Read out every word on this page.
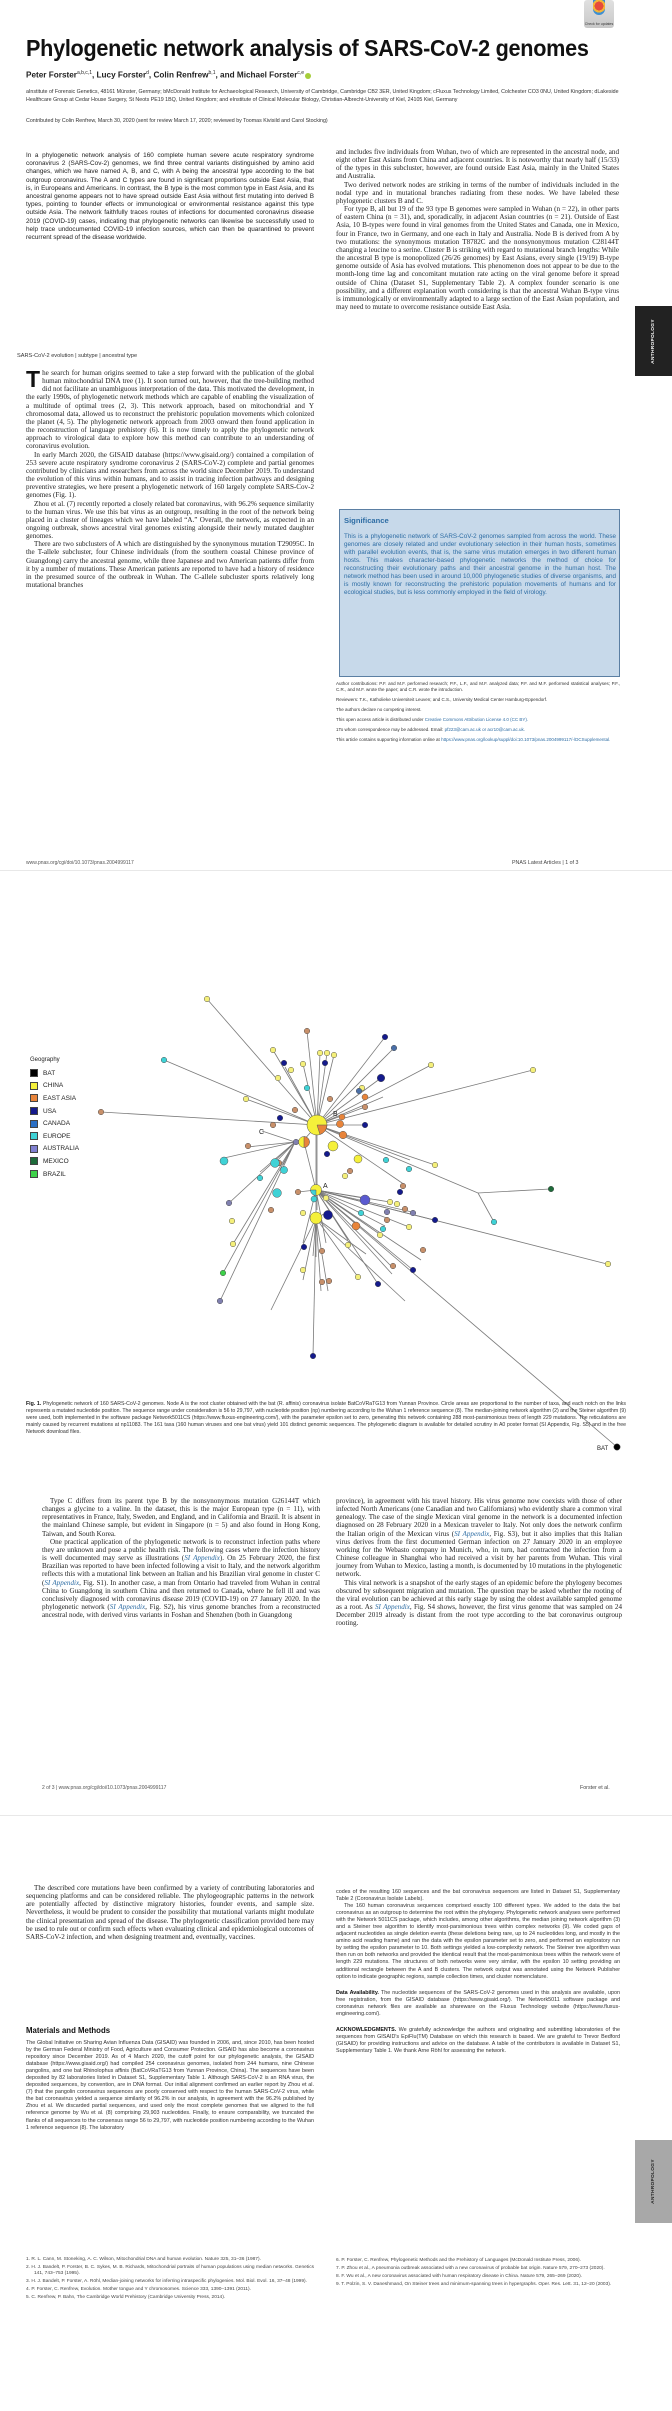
Check for updates
Phylogenetic network analysis of SARS-CoV-2 genomes
Peter Forster$^{a,b,c,1}$, Lucy Forster$^d$, Colin Renfrew$^{b,1}$, and Michael Forster$^{c,e}$
aInstitute of Forensic Genetics, 48161 Münster, Germany; bMcDonald Institute for Archaeological Research, University of Cambridge, Cambridge CB2 3ER, United Kingdom; cFluxus Technology Limited, Colchester CO3 0NU, United Kingdom; dLakeside Healthcare Group at Cedar House Surgery, St Neots PE19 1BQ, United Kingdom; and eInstitute of Clinical Molecular Biology, Christian-Albrecht-University of Kiel, 24105 Kiel, Germany
Contributed by Colin Renfrew, March 30, 2020 (sent for review March 17, 2020; reviewed by Toomas Kivisild and Carol Stocking)
In a phylogenetic network analysis of 160 complete human severe acute respiratory syndrome coronavirus 2 (SARS-Cov-2) genomes, we find three central variants distinguished by amino acid changes, which we have named A, B, and C, with A being the ancestral type according to the bat outgroup coronavirus. The A and C types are found in significant proportions outside East Asia, that is, in Europeans and Americans. In contrast, the B type is the most common type in East Asia, and its ancestral genome appears not to have spread outside East Asia without first mutating into derived B types, pointing to founder effects or immunological or environmental resistance against this type outside Asia. The network faithfully traces routes of infections for documented coronavirus disease 2019 (COVID-19) cases, indicating that phylogenetic networks can likewise be successfully used to help trace undocumented COVID-19 infection sources, which can then be quarantined to prevent recurrent spread of the disease worldwide.
SARS-CoV-2 evolution | subtype | ancestral type

The search for human origins seemed to take a step forward with the publication of the global human mitochondrial DNA tree (1). It soon turned out, however, that the tree-building method did not facilitate an unambiguous interpretation of the data. This motivated the development, in the early 1990s, of phylogenetic network methods which are capable of enabling the visualization of a multitude of optimal trees (2, 3). This network approach, based on mitochondrial and Y chromosomal data, allowed us to reconstruct the prehistoric population movements which colonized the planet (4, 5). The phylogenetic network approach from 2003 onward then found application in the reconstruction of language prehistory (6). It is now timely to apply the phylogenetic network approach to virological data to explore how this method can contribute to an understanding of coronavirus evolution.

In early March 2020, the GISAID database (https://www.gisaid.org/) contained a compilation of 253 severe acute respiratory syndrome coronavirus 2 (SARS-CoV-2) complete and partial genomes contributed by clinicians and researchers from across the world since December 2019. To understand the evolution of this virus within humans, and to assist in tracing infection pathways and designing preventive strategies, we here present a phylogenetic network of 160 largely complete SARS-Cov-2 genomes (Fig. 1).

Zhou et al. (7) recently reported a closely related bat coronavirus, with 96.2% sequence similarity to the human virus. We use this bat virus as an outgroup, resulting in the root of the network being placed in a cluster of lineages which we have labeled “A.” Overall, the network, as expected in an ongoing outbreak, shows ancestral viral genomes existing alongside their newly mutated daughter genomes.

There are two subclusters of A which are distinguished by the synonymous mutation T29095C. In the T-allele subcluster, four Chinese individuals (from the southern coastal Chinese province of Guangdong) carry the ancestral genome, while three Japanese and two American patients differ from it by a number of mutations. These American patients are reported to have had a history of residence in the presumed source of the outbreak in Wuhan. The C-allele subcluster sports relatively long mutational branches

and includes five individuals from Wuhan, two of which are represented in the ancestral node, and eight other East Asians from China and adjacent countries. It is noteworthy that nearly half (15/33) of the types in this subcluster, however, are found outside East Asia, mainly in the United States and Australia.

Two derived network nodes are striking in terms of the number of individuals included in the nodal type and in mutational branches radiating from these nodes. We have labeled these phylogenetic clusters B and C.

For type B, all but 19 of the 93 type B genomes were sampled in Wuhan (n = 22), in other parts of eastern China (n = 31), and, sporadically, in adjacent Asian countries (n = 21). Outside of East Asia, 10 B-types were found in viral genomes from the United States and Canada, one in Mexico, four in France, two in Germany, and one each in Italy and Australia. Node B is derived from A by two mutations: the synonymous mutation T8782C and the nonsynonymous mutation C28144T changing a leucine to a serine. Cluster B is striking with regard to mutational branch lengths: While the ancestral B type is monopolized (26/26 genomes) by East Asians, every single (19/19) B-type genome outside of Asia has evolved mutations. This phenomenon does not appear to be due to the month-long time lag and concomitant mutation rate acting on the viral genome before it spread outside of China (Dataset S1, Supplementary Table 2). A complex founder scenario is one possibility, and a different explanation worth considering is that the ancestral Wuhan B-type virus is immunologically or environmentally adapted to a large section of the East Asian population, and may need to mutate to overcome resistance outside East Asia.

Significance
This is a phylogenetic network of SARS-CoV-2 genomes sampled from across the world. These genomes are closely related and under evolutionary selection in their human hosts, sometimes with parallel evolution events, that is, the same virus mutation emerges in two different human hosts. This makes character-based phylogenetic networks the method of choice for reconstructing their evolutionary paths and their ancestral genome in the human host. The network method has been used in around 10,000 phylogenetic studies of diverse organisms, and is mostly known for reconstructing the prehistoric population movements of humans and for ecological studies, but is less commonly employed in the field of virology.

Author contributions: P.F. and M.F. performed research; P.F., L.F., and M.F. analyzed data; P.F. and M.F. performed statistical analyses; P.F., C.R., and M.F. wrote the paper; and C.R. wrote the introduction.

Reviewers: T.K., Katholieke Universiteit Leuven; and C.S., University Medical Center Hamburg-Eppendorf.

The authors declare no competing interest.

This open access article is distributed under Creative Commons Attribution License 4.0 (CC BY).

1To whom correspondence may be addressed. Email: pf223@cam.ac.uk or acr10@cam.ac.uk.

This article contains supporting information online at https://www.pnas.org/lookup/suppl/doi:10.1073/pnas.2004999117/-/DCSupplemental.

www.pnas.org/cgi/doi/10.1073/pnas.2004999117	PNAS Latest Articles | 1 of 3
ANTHROPOLOGY
B
C
A
BAT
Geography
BAT
CHINA
EAST ASIA
USA
CANADA
EUROPE
AUSTRALIA
MEXICO
BRAZIL
Fig. 1. Phylogenetic network of 160 SARS-CoV-2 genomes. Node A is the root cluster obtained with the bat (R. affinis) coronavirus isolate BatCoVRaTG13 from Yunnan Province. Circle areas are proportional to the number of taxa, and each notch on the links represents a mutated nucleotide position. The sequence range under consideration is 56 to 29,797, with nucleotide position (np) numbering according to the Wuhan 1 reference sequence (8). The median-joining network algorithm (2) and the Steiner algorithm (9) were used, both implemented in the software package Network5011CS (https://www.fluxus-engineering.com/), with the parameter epsilon set to zero, generating this network containing 288 most-parsimonious trees of length 229 mutations. The reticulations are mainly caused by recurrent mutations at np11083. The 161 taxa (160 human viruses and one bat virus) yield 101 distinct genomic sequences. The phylogenetic diagram is available for detailed scrutiny in A0 poster format (SI Appendix, Fig. S5) and in the free Network download files.

Type C differs from its parent type B by the nonsynonymous mutation G26144T which changes a glycine to a valine. In the dataset, this is the major European type (n = 11), with representatives in France, Italy, Sweden, and England, and in California and Brazil. It is absent in the mainland Chinese sample, but evident in Singapore (n = 5) and also found in Hong Kong, Taiwan, and South Korea.

One practical application of the phylogenetic network is to reconstruct infection paths where they are unknown and pose a public health risk. The following cases where the infection history is well documented may serve as illustrations (SI Appendix). On 25 February 2020, the first Brazilian was reported to have been infected following a visit to Italy, and the network algorithm reflects this with a mutational link between an Italian and his Brazilian viral genome in cluster C (SI Appendix, Fig. S1). In another case, a man from Ontario had traveled from Wuhan in central China to Guangdong in southern China and then returned to Canada, where he fell ill and was conclusively diagnosed with coronavirus disease 2019 (COVID-19) on 27 January 2020. In the phylogenetic network (SI Appendix, Fig. S2), his virus genome branches from a reconstructed ancestral node, with derived virus variants in Foshan and Shenzhen (both in Guangdong

province), in agreement with his travel history. His virus genome now coexists with those of other infected North Americans (one Canadian and two Californians) who evidently share a common viral genealogy. The case of the single Mexican viral genome in the network is a documented infection diagnosed on 28 February 2020 in a Mexican traveler to Italy. Not only does the network confirm the Italian origin of the Mexican virus (SI Appendix, Fig. S3), but it also implies that this Italian virus derives from the first documented German infection on 27 January 2020 in an employee working for the Webasto company in Munich, who, in turn, had contracted the infection from a Chinese colleague in Shanghai who had received a visit by her parents from Wuhan. This viral journey from Wuhan to Mexico, lasting a month, is documented by 10 mutations in the phylogenetic network.

This viral network is a snapshot of the early stages of an epidemic before the phylogeny becomes obscured by subsequent migration and mutation. The question may be asked whether the rooting of the viral evolution can be achieved at this early stage by using the oldest available sampled genome as a root. As SI Appendix, Fig. S4 shows, however, the first virus genome that was sampled on 24 December 2019 already is distant from the root type according to the bat coronavirus outgroup rooting.

2 of 3 | www.pnas.org/cgi/doi/10.1073/pnas.2004999117	Forster et al.

The described core mutations have been confirmed by a variety of contributing laboratories and sequencing platforms and can be considered reliable. The phylogeographic patterns in the network are potentially affected by distinctive migratory histories, founder events, and sample size. Nevertheless, it would be prudent to consider the possibility that mutational variants might modulate the clinical presentation and spread of the disease. The phylogenetic classification provided here may be used to rule out or confirm such effects when evaluating clinical and epidemiological outcomes of SARS-CoV-2 infection, and when designing treatment and, eventually, vaccines.

Materials and Methods

The Global Initiative on Sharing Avian Influenza Data (GISAID) was founded in 2006, and, since 2010, has been hosted by the German Federal Ministry of Food, Agriculture and Consumer Protection. GISAID has also become a coronavirus repository since December 2019. As of 4 March 2020, the cutoff point for our phylogenetic analysis, the GISAID database (https://www.gisaid.org/) had compiled 254 coronavirus genomes, isolated from 244 humans, nine Chinese pangolins, and one bat Rhinolophus affinis (BatCoVRaTG13 from Yunnan Province, China). The sequences have been deposited by 82 laboratories listed in Dataset S1, Supplementary Table 1. Although SARS-CoV-2 is an RNA virus, the deposited sequences, by convention, are in DNA format. Our initial alignment confirmed an earlier report by Zhou et al. (7) that the pangolin coronavirus sequences are poorly conserved with respect to the human SARS-CoV-2 virus, while the bat coronavirus yielded a sequence similarity of 96.2% in our analysis, in agreement with the 96.2% published by Zhou et al. We discarded partial sequences, and used only the most complete genomes that we aligned to the full reference genome by Wu et al. (8) comprising 29,903 nucleotides. Finally, to ensure comparability, we truncated the flanks of all sequences to the consensus range 56 to 29,797, with nucleotide position numbering according to the Wuhan 1 reference sequence (8). The laboratory

codes of the resulting 160 sequences and the bat coronavirus sequences are listed in Dataset S1, Supplementary Table 2 (Coronavirus Isolate Labels).

The 160 human coronavirus sequences comprised exactly 100 different types. We added to the data the bat coronavirus as an outgroup to determine the root within the phylogeny. Phylogenetic network analyses were performed with the Network 5011CS package, which includes, among other algorithms, the median joining network algorithm (3) and a Steiner tree algorithm to identify most-parsimonious trees within complex networks (9). We coded gaps of adjacent nucleotides as single deletion events (these deletions being rare, up to 24 nucleotides long, and mostly in the amino acid reading frame) and ran the data with the epsilon parameter set to zero, and performed an exploratory run by setting the epsilon parameter to 10. Both settings yielded a low-complexity network. The Steiner tree algorithm was then run on both networks and provided the identical result that the most-parsimonious trees within the network were of length 229 mutations. The structures of both networks were very similar, with the epsilon 10 setting providing an additional rectangle between the A and B clusters. The network output was annotated using the Network Publisher option to indicate geographic regions, sample collection times, and cluster nomenclature.

Data Availability. The nucleotide sequences of the SARS-CoV-2 genomes used in this analysis are available, upon free registration, from the GISAID database (https://www.gisaid.org/). The Network5011 software package and coronavirus network files are available as shareware on the Fluxus Technology website (https://www.fluxus-engineering.com/).

ACKNOWLEDGMENTS. We gratefully acknowledge the authors and originating and submitting laboratories of the sequences from GISAID's EpiFlu(TM) Database on which this research is based. We are grateful to Trevor Bedford (GISAID) for providing instructions and advice on the database. A table of the contributors is available in Dataset S1, Supplementary Table 1. We thank Arne Röhl for assessing the network.

1. R. L. Cann, M. Stoneking, A. C. Wilson, Mitochondrial DNA and human evolution. Nature 325, 31–36 (1987).
2. H. J. Bandelt, P. Forster, B. C. Sykes, M. B. Richards, Mitochondrial portraits of human populations using median networks. Genetics 141, 743–753 (1995).
3. H. J. Bandelt, P. Forster, A. Röhl, Median-joining networks for inferring intraspecific phylogenies. Mol. Biol. Evol. 16, 37–48 (1999).
4. P. Forster, C. Renfrew, Evolution. Mother tongue and Y chromosomes. Science 333, 1390–1391 (2011).
5. C. Renfrew, P. Bahn, The Cambridge World Prehistory (Cambridge University Press, 2014).
6. P. Forster, C. Renfrew, Phylogenetic Methods and the Prehistory of Languages (McDonald Institute Press, 2006).
7. P. Zhou et al., A pneumonia outbreak associated with a new coronavirus of probable bat origin. Nature 579, 270–273 (2020).
8. F. Wu et al., A new coronavirus associated with human respiratory disease in China. Nature 579, 265–269 (2020).
9. T. Polzin, S. V. Daneshmand, On Steiner trees and minimum-spanning trees in hypergraphs. Oper. Res. Lett. 31, 12–20 (2003).
ANTHROPOLOGY
